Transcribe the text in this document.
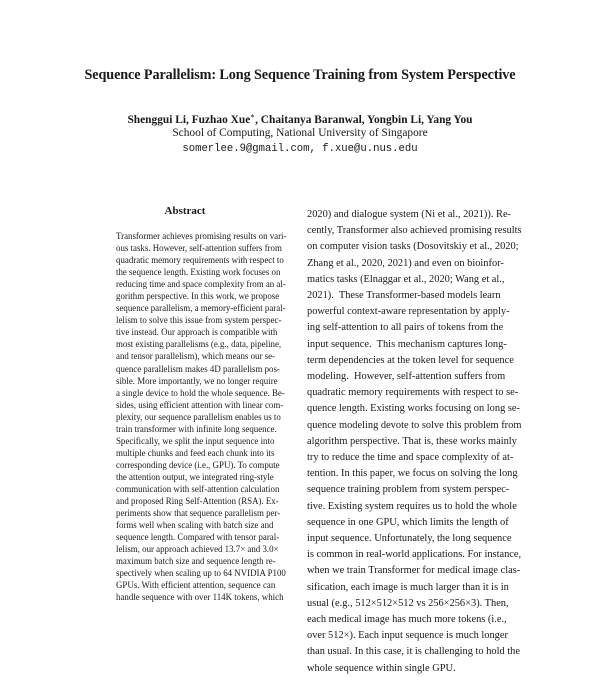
Sequence Parallelism: Long Sequence Training from System Perspective
Shenggui Li, Fuzhao Xue∗, Chaitanya Baranwal, Yongbin Li, Yang You
School of Computing, National University of Singapore
somerlee.9@gmail.com, f.xue@u.nus.edu
Abstract
Transformer achieves promising results on vari-
ous tasks. However, self-attention suffers from
quadratic memory requirements with respect to
the sequence length. Existing work focuses on
reducing time and space complexity from an al-
gorithm perspective. In this work, we propose
sequence parallelism, a memory-efficient paral-
lelism to solve this issue from system perspec-
tive instead. Our approach is compatible with
most existing parallelisms (e.g., data, pipeline,
and tensor parallelism), which means our se-
quence parallelism makes 4D parallelism pos-
sible. More importantly, we no longer require
a single device to hold the whole sequence. Be-
sides, using efficient attention with linear com-
plexity, our sequence parallelism enables us to
train transformer with infinite long sequence.
Specifically, we split the input sequence into
multiple chunks and feed each chunk into its
corresponding device (i.e., GPU). To compute
the attention output, we integrated ring-style
communication with self-attention calculation
and proposed Ring Self-Attention (RSA). Ex-
periments show that sequence parallelism per-
forms well when scaling with batch size and
sequence length. Compared with tensor paral-
lelism, our approach achieved 13.7× and 3.0×
maximum batch size and sequence length re-
spectively when scaling up to 64 NVIDIA P100
GPUs. With efficient attention, sequence can
handle sequence with over 114K tokens, which
2020) and dialogue system (Ni et al., 2021)). Re-
cently, Transformer also achieved promising results
on computer vision tasks (Dosovitskiy et al., 2020;
Zhang et al., 2020, 2021) and even on bioinfor-
matics tasks (Elnaggar et al., 2020; Wang et al.,
2021).  These Transformer-based models learn
powerful context-aware representation by apply-
ing self-attention to all pairs of tokens from the
input sequence.  This mechanism captures long-
term dependencies at the token level for sequence
modeling.  However, self-attention suffers from
quadratic memory requirements with respect to se-
quence length. Existing works focusing on long se-
quence modeling devote to solve this problem from
algorithm perspective. That is, these works mainly
try to reduce the time and space complexity of at-
tention. In this paper, we focus on solving the long
sequence training problem from system perspec-
tive. Existing system requires us to hold the whole
sequence in one GPU, which limits the length of
input sequence. Unfortunately, the long sequence
is common in real-world applications. For instance,
when we train Transformer for medical image clas-
sification, each image is much larger than it is in
usual (e.g., 512×512×512 vs 256×256×3). Then,
each medical image has much more tokens (i.e.,
over 512×). Each input sequence is much longer
than usual. In this case, it is challenging to hold the
whole sequence within single GPU.
